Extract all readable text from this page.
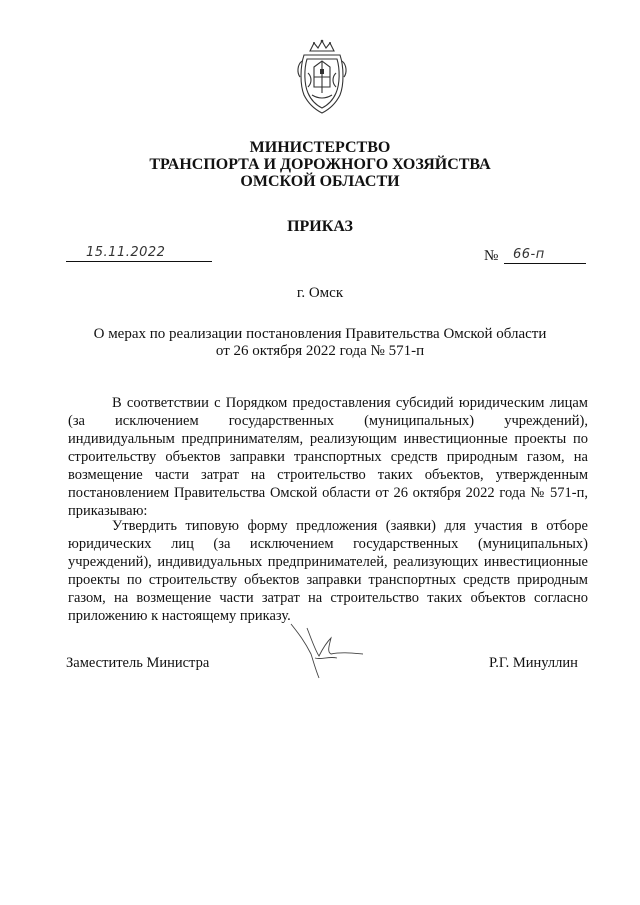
МИНИСТЕРСТВО
ТРАНСПОРТА И ДОРОЖНОГО ХОЗЯЙСТВА
ОМСКОЙ ОБЛАСТИ
ПРИКАЗ
15.11.2022	№ 66-п
г. Омск
О мерах по реализации постановления Правительства Омской области
от 26 октября 2022 года № 571-п
В соответствии с Порядком предоставления субсидий юридическим лицам (за исключением государственных (муниципальных) учреждений), индивидуальным предпринимателям, реализующим инвестиционные проекты по строительству объектов заправки транспортных средств природным газом, на возмещение части затрат на строительство таких объектов, утвержденным постановлением Правительства Омской области от 26 октября 2022 года № 571-п, приказываю:
Утвердить типовую форму предложения (заявки) для участия в отборе юридических лиц (за исключением государственных (муниципальных) учреждений), индивидуальных предпринимателей, реализующих инвестиционные проекты по строительству объектов заправки транспортных средств природным газом, на возмещение части затрат на строительство таких объектов согласно приложению к настоящему приказу.
Заместитель Министра	Р.Г. Минуллин
